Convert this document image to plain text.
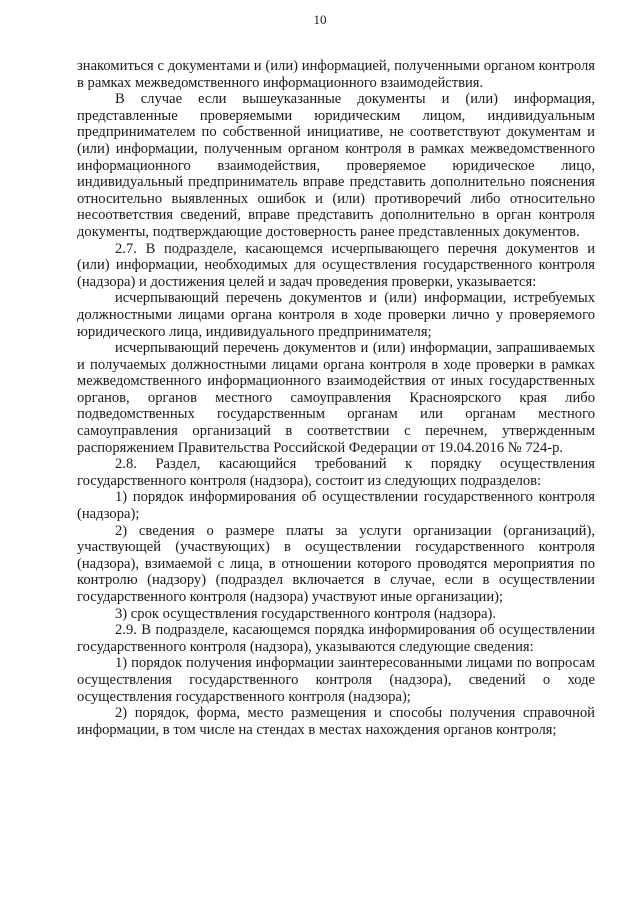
10

знакомиться с документами и (или) информацией, полученными органом контроля в рамках межведомственного информационного взаимодействия.

В случае если вышеуказанные документы и (или) информация, представленные проверяемыми юридическим лицом, индивидуальным предпринимателем по собственной инициативе, не соответствуют документам и (или) информации, полученным органом контроля в рамках межведомственного информационного взаимодействия, проверяемое юридическое лицо, индивидуальный предприниматель вправе представить дополнительно пояснения относительно выявленных ошибок и (или) противоречий либо относительно несоответствия сведений, вправе представить дополнительно в орган контроля документы, подтверждающие достоверность ранее представленных документов.

2.7. В подразделе, касающемся исчерпывающего перечня документов и (или) информации, необходимых для осуществления государственного контроля (надзора) и достижения целей и задач проведения проверки, указывается:

исчерпывающий перечень документов и (или) информации, истребуемых должностными лицами органа контроля в ходе проверки лично у проверяемого юридического лица, индивидуального предпринимателя;

исчерпывающий перечень документов и (или) информации, запрашиваемых и получаемых должностными лицами органа контроля в ходе проверки в рамках межведомственного информационного взаимодействия от иных государственных органов, органов местного самоуправления Красноярского края либо подведомственных государственным органам или органам местного самоуправления организаций в соответствии с перечнем, утвержденным распоряжением Правительства Российской Федерации от 19.04.2016 № 724-р.

2.8. Раздел, касающийся требований к порядку осуществления государственного контроля (надзора), состоит из следующих подразделов:

1) порядок информирования об осуществлении государственного контроля (надзора);

2) сведения о размере платы за услуги организации (организаций), участвующей (участвующих) в осуществлении государственного контроля (надзора), взимаемой с лица, в отношении которого проводятся мероприятия по контролю (надзору) (подраздел включается в случае, если в осуществлении государственного контроля (надзора) участвуют иные организации);

3) срок осуществления государственного контроля (надзора).

2.9. В подразделе, касающемся порядка информирования об осуществлении государственного контроля (надзора), указываются следующие сведения:

1) порядок получения информации заинтересованными лицами по вопросам осуществления государственного контроля (надзора), сведений о ходе осуществления государственного контроля (надзора);

2) порядок, форма, место размещения и способы получения справочной информации, в том числе на стендах в местах нахождения органов контроля;
